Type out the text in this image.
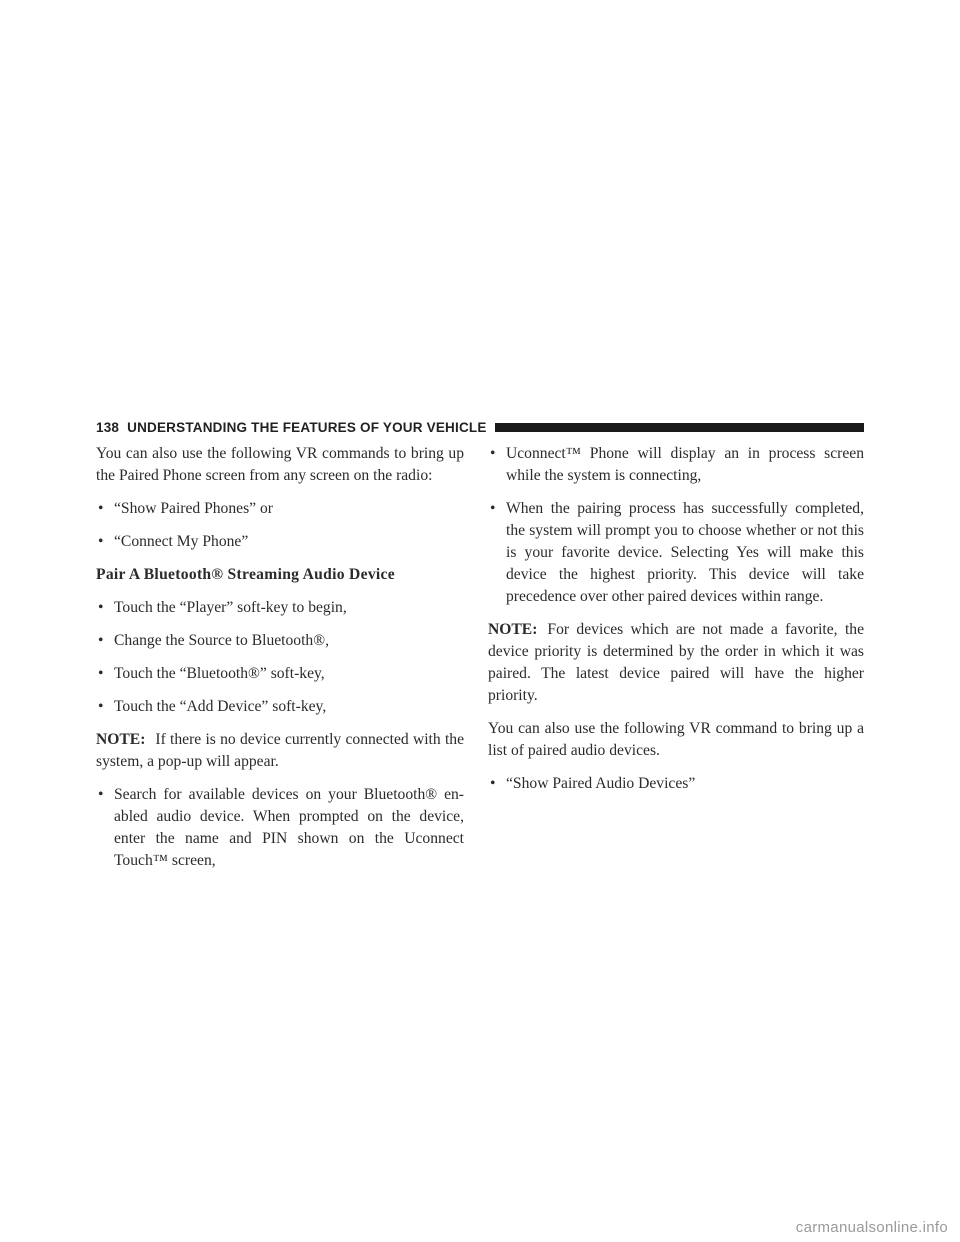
138 UNDERSTANDING THE FEATURES OF YOUR VEHICLE

You can also use the following VR commands to bring up the Paired Phone screen from any screen on the radio:

• “Show Paired Phones” or
• “Connect My Phone”
Pair A Bluetooth® Streaming Audio Device
• Touch the “Player” soft-key to begin,
• Change the Source to Bluetooth®,
• Touch the “Bluetooth®” soft-key,
• Touch the “Add Device” soft-key,

NOTE: If there is no device currently connected with the system, a pop-up will appear.

• Search for available devices on your Bluetooth® en-abled audio device. When prompted on the device, enter the name and PIN shown on the Uconnect Touch™ screen,
• Uconnect™ Phone will display an in process screen while the system is connecting,
• When the pairing process has successfully completed, the system will prompt you to choose whether or not this is your favorite device. Selecting Yes will make this device the highest priority. This device will take precedence over other paired devices within range.

NOTE: For devices which are not made a favorite, the device priority is determined by the order in which it was paired. The latest device paired will have the higher priority.

You can also use the following VR command to bring up a list of paired audio devices.

• “Show Paired Audio Devices”
carmanualsonline.info
